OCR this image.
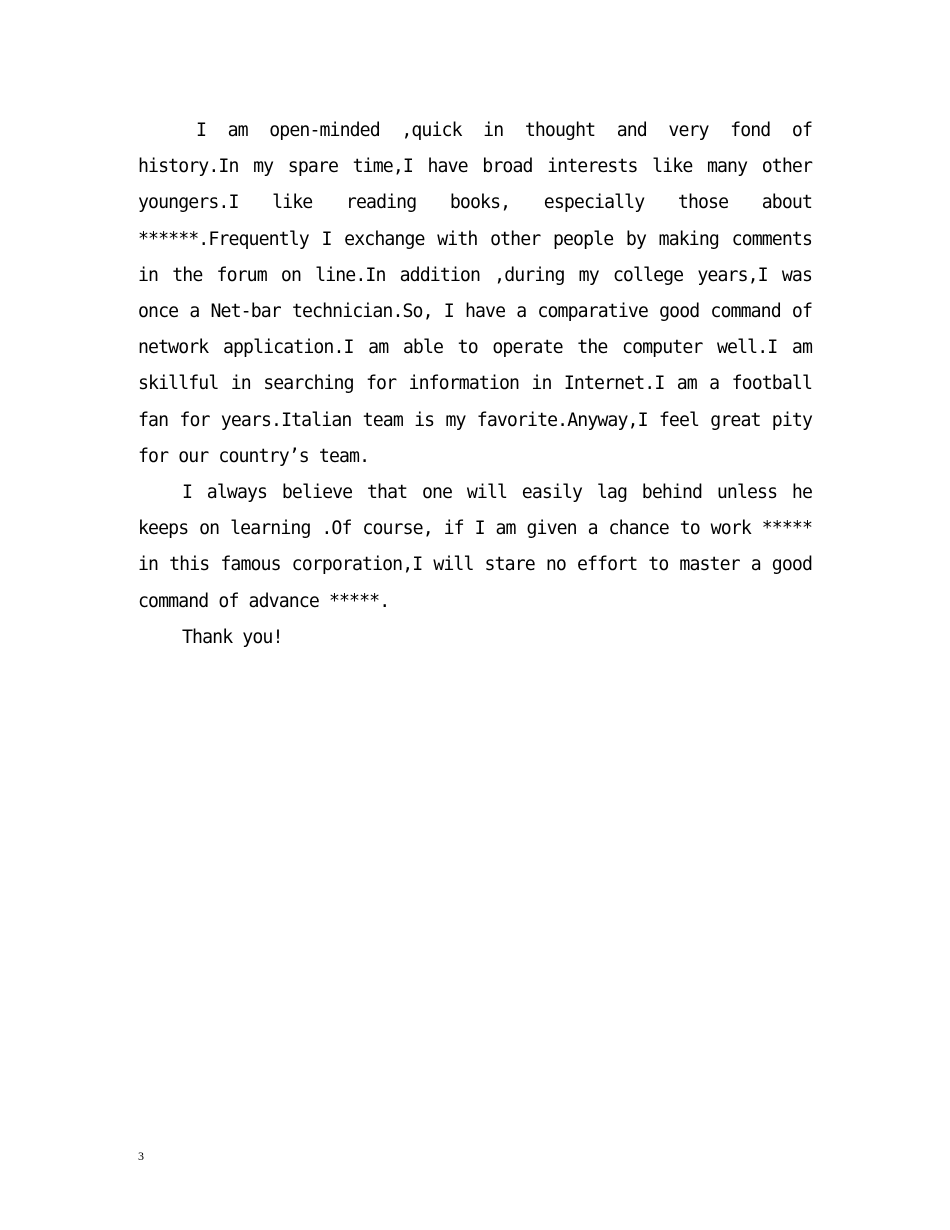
I am open-minded ,quick in thought and very fond of history.In my spare time,I have broad interests like many other youngers.I like reading books, especially those about ******.Frequently I exchange with other people by making comments in the forum on line.In addition ,during my college years,I was once a Net-bar technician.So, I have a comparative good command of network application.I am able to operate the computer well.I am skillful in searching for information in Internet.I am a football fan for years.Italian team is my favorite.Anyway,I feel great pity for our country’s team.

I always believe that one will easily lag behind unless he keeps on learning .Of course, if I am given a chance to work ***** in this famous corporation,I will stare no effort to master a good command of advance *****.

Thank you!

3
